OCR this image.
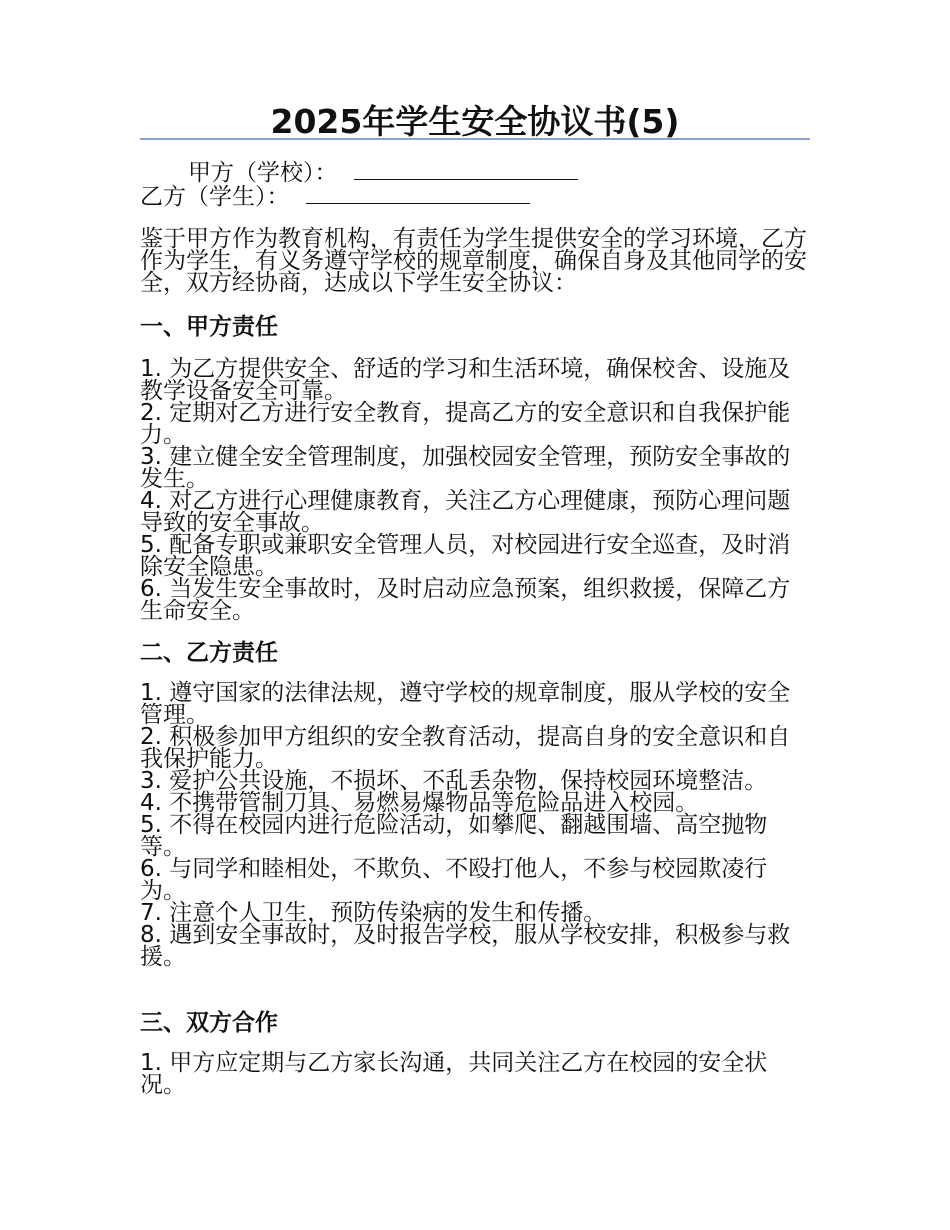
2025年学生安全协议书(5)
甲方（学校）：
乙方（学生）：

鉴于甲方作为教育机构，有责任为学生提供安全的学习环境，乙方作为学生，有义务遵守学校的规章制度，确保自身及其他同学的安全，双方经协商，达成以下学生安全协议：

一、甲方责任
1. 为乙方提供安全、舒适的学习和生活环境，确保校舍、设施及教学设备安全可靠。
2. 定期对乙方进行安全教育，提高乙方的安全意识和自我保护能力。
3. 建立健全安全管理制度，加强校园安全管理，预防安全事故的发生。
4. 对乙方进行心理健康教育，关注乙方心理健康，预防心理问题导致的安全事故。
5. 配备专职或兼职安全管理人员，对校园进行安全巡查，及时消除安全隐患。
6. 当发生安全事故时，及时启动应急预案，组织救援，保障乙方生命安全。
二、乙方责任
1. 遵守国家的法律法规，遵守学校的规章制度，服从学校的安全管理。
2. 积极参加甲方组织的安全教育活动，提高自身的安全意识和自我保护能力。
3. 爱护公共设施，不损坏、不乱丢杂物，保持校园环境整洁。
4. 不携带管制刀具、易燃易爆物品等危险品进入校园。
5. 不得在校园内进行危险活动，如攀爬、翻越围墙、高空抛物等。
6. 与同学和睦相处，不欺负、不殴打他人，不参与校园欺凌行为。
7. 注意个人卫生，预防传染病的发生和传播。
8. 遇到安全事故时，及时报告学校，服从学校安排，积极参与救援。
三、双方合作
1. 甲方应定期与乙方家长沟通，共同关注乙方在校园的安全状况。
